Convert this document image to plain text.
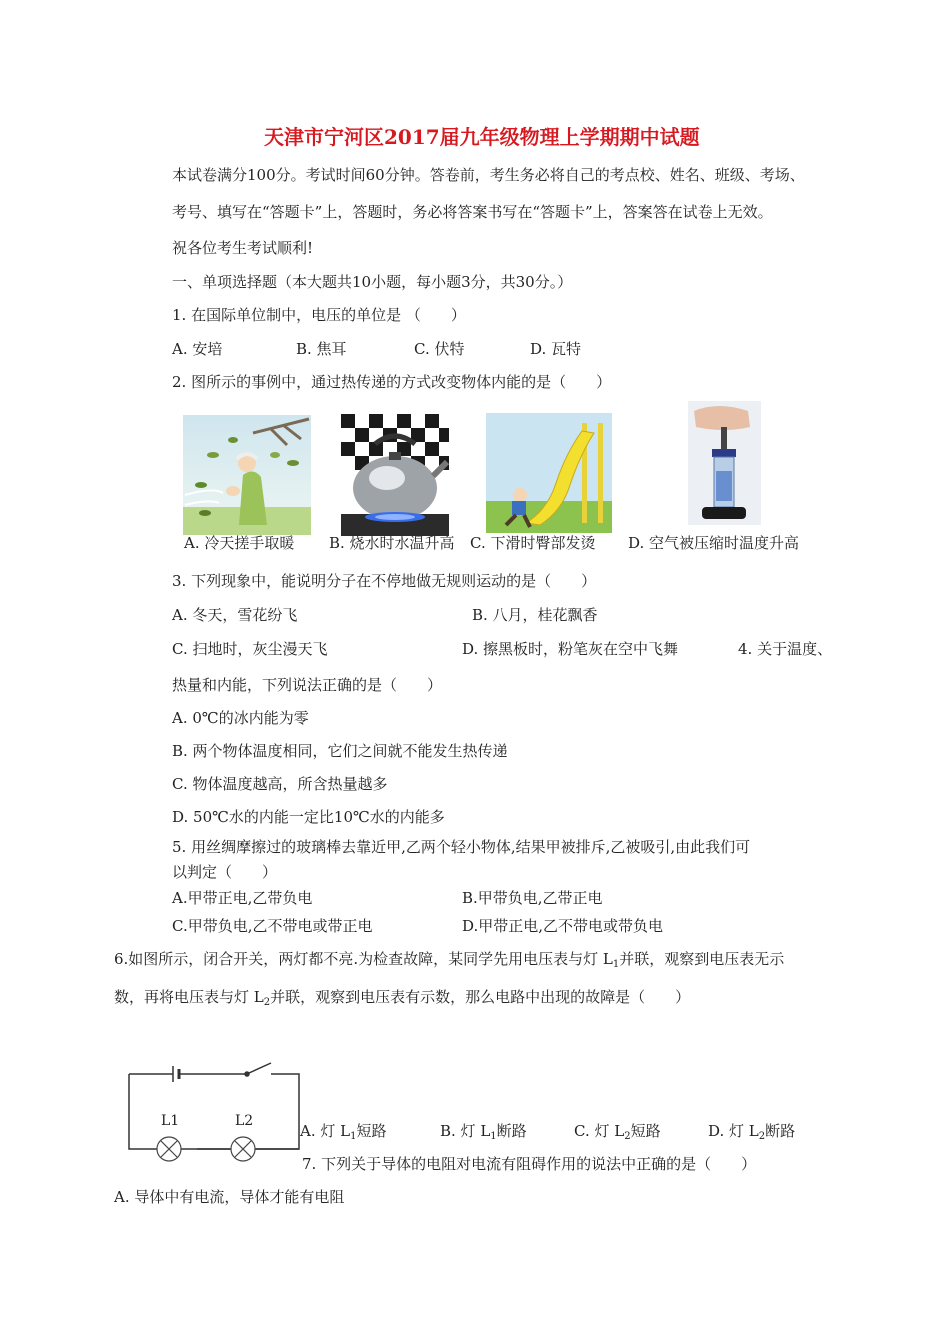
天津市宁河区2017届九年级物理上学期期中试题
本试卷满分100分。考试时间60分钟。答卷前，考生务必将自己的考点校、姓名、班级、考场、
考号、填写在“答题卡”上，答题时，务必将答案书写在“答题卡”上，答案答在试卷上无效。
祝各位考生考试顺利!
一、单项选择题（本大题共10小题，每小题3分，共30分。）
1. 在国际单位制中，电压的单位是 （　　）
A. 安培	B. 焦耳	C. 伏特	D. 瓦特
2. 图所示的事例中，通过热传递的方式改变物体内能的是（　　）
A. 冷天搓手取暖 B. 烧水时水温升高 C. 下滑时臀部发烫 D. 空气被压缩时温度升高
3. 下列现象中，能说明分子在不停地做无规则运动的是（　　）
A. 冬天，雪花纷飞	B. 八月，桂花飘香
C. 扫地时，灰尘漫天飞	D. 擦黑板时，粉笔灰在空中飞舞	4. 关于温度、
热量和内能，下列说法正确的是（　　）
A. 0℃的冰内能为零
B. 两个物体温度相同，它们之间就不能发生热传递
C. 物体温度越高，所含热量越多
D. 50℃水的内能一定比10℃水的内能多
5. 用丝绸摩擦过的玻璃棒去靠近甲,乙两个轻小物体,结果甲被排斥,乙被吸引,由此我们可
以判定（　　）
A.甲带正电,乙带负电	B.甲带负电,乙带正电
C.甲带负电,乙不带电或带正电	D.甲带正电,乙不带电或带负电
6.如图所示，闭合开关，两灯都不亮.为检查故障，某同学先用电压表与灯 $L_1$并联，观察到电压表无示
数，再将电压表与灯 $L_2$并联，观察到电压表有示数，那么电路中出现的故障是（　　）
L1	L2
A. 灯 $L_1$短路	B. 灯 $L_1$断路	C. 灯 $L_2$短路	D. 灯 $L_2$断路
7. 下列关于导体的电阻对电流有阻碍作用的说法中正确的是（　　）
A. 导体中有电流，导体才能有电阻
